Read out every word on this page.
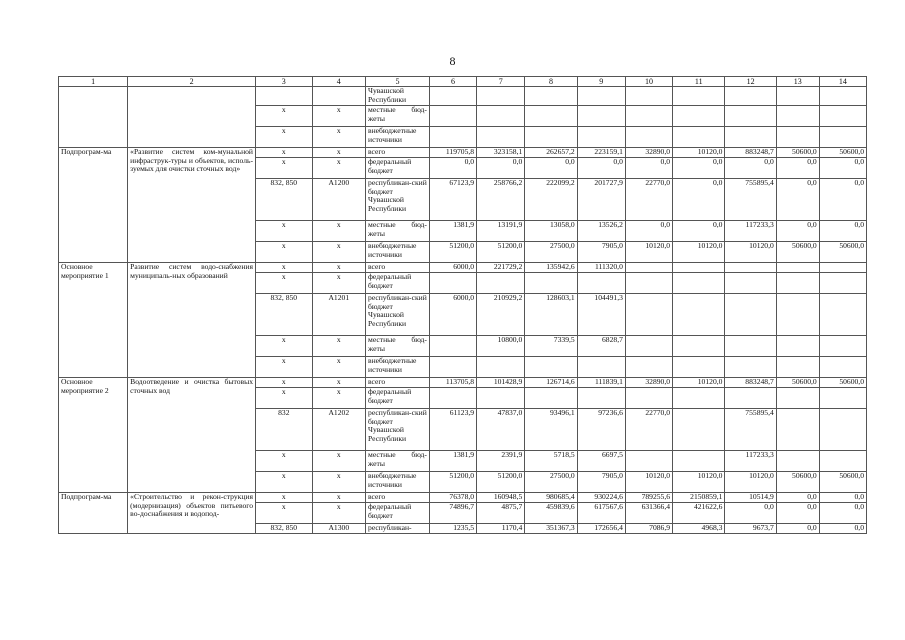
8
1	2	3	4	5	6	7	8	9	10	11	12	13	14
				Чувашской Республики									
		x	x	местные бюд-жеты									
		x	x	внебюджетные источники									
Подпрограм-ма	«Развитие систем ком-мунальной инфраструк-туры и объектов, исполь-зуемых для очистки сточных вод»	x	x	всего	119705,8	323158,1	262657,2	223159,1	32890,0	10120,0	883248,7	50600,0	50600,0
		x	x	федеральный бюджет	0,0	0,0	0,0	0,0	0,0	0,0	0,0	0,0	0,0
		832, 850	A1200	республикан-ский бюджет Чувашской Республики	67123,9	258766,2	222099,2	201727,9	22770,0	0,0	755895,4	0,0	0,0
		x	x	местные бюд-жеты	1381,9	13191,9	13058,0	13526,2	0,0	0,0	117233,3	0,0	0,0
		x	x	внебюджетные источники	51200,0	51200,0	27500,0	7905,0	10120,0	10120,0	10120,0	50600,0	50600,0
Основное мероприятие 1	Развитие систем водо-снабжения муниципаль-ных образований	x	x	всего	6000,0	221729,2	135942,6	111320,0					
		x	x	федеральный бюджет									
		832, 850	A1201	республикан-ский бюджет Чувашской Республики	6000,0	210929,2	128603,1	104491,3					
		x	x	местные бюд-жеты		10800,0	7339,5	6828,7					
		x	x	внебюджетные источники									
Основное мероприятие 2	Водоотведение и очистка бытовых сточных вод	x	x	всего	113705,8	101428,9	126714,6	111839,1	32890,0	10120,0	883248,7	50600,0	50600,0
		x	x	федеральный бюджет									
		832	A1202	республикан-ский бюджет Чувашской Республики	61123,9	47837,0	93496,1	97236,6	22770,0		755895,4		
		x	x	местные бюд-жеты	1381,9	2391,9	5718,5	6697,5			117233,3		
		x	x	внебюджетные источники	51200,0	51200,0	27500,0	7905,0	10120,0	10120,0	10120,0	50600,0	50600,0
Подпрограм-ма	«Строительство и рекон-струкция (модернизация) объектов питьевого во-доснабжения и водопод-	x	x	всего	76378,0	160948,5	980685,4	930224,6	789255,6	2150859,1	10514,9	0,0	0,0
		x	x	федеральный бюджет	74896,7	4875,7	459839,6	617567,6	631366,4	421622,6	0,0	0,0	0,0
		832, 850	A1300	республикан-	1235,5	1170,4	351367,3	172656,4	7086,9	4968,3	9673,7	0,0	0,0
